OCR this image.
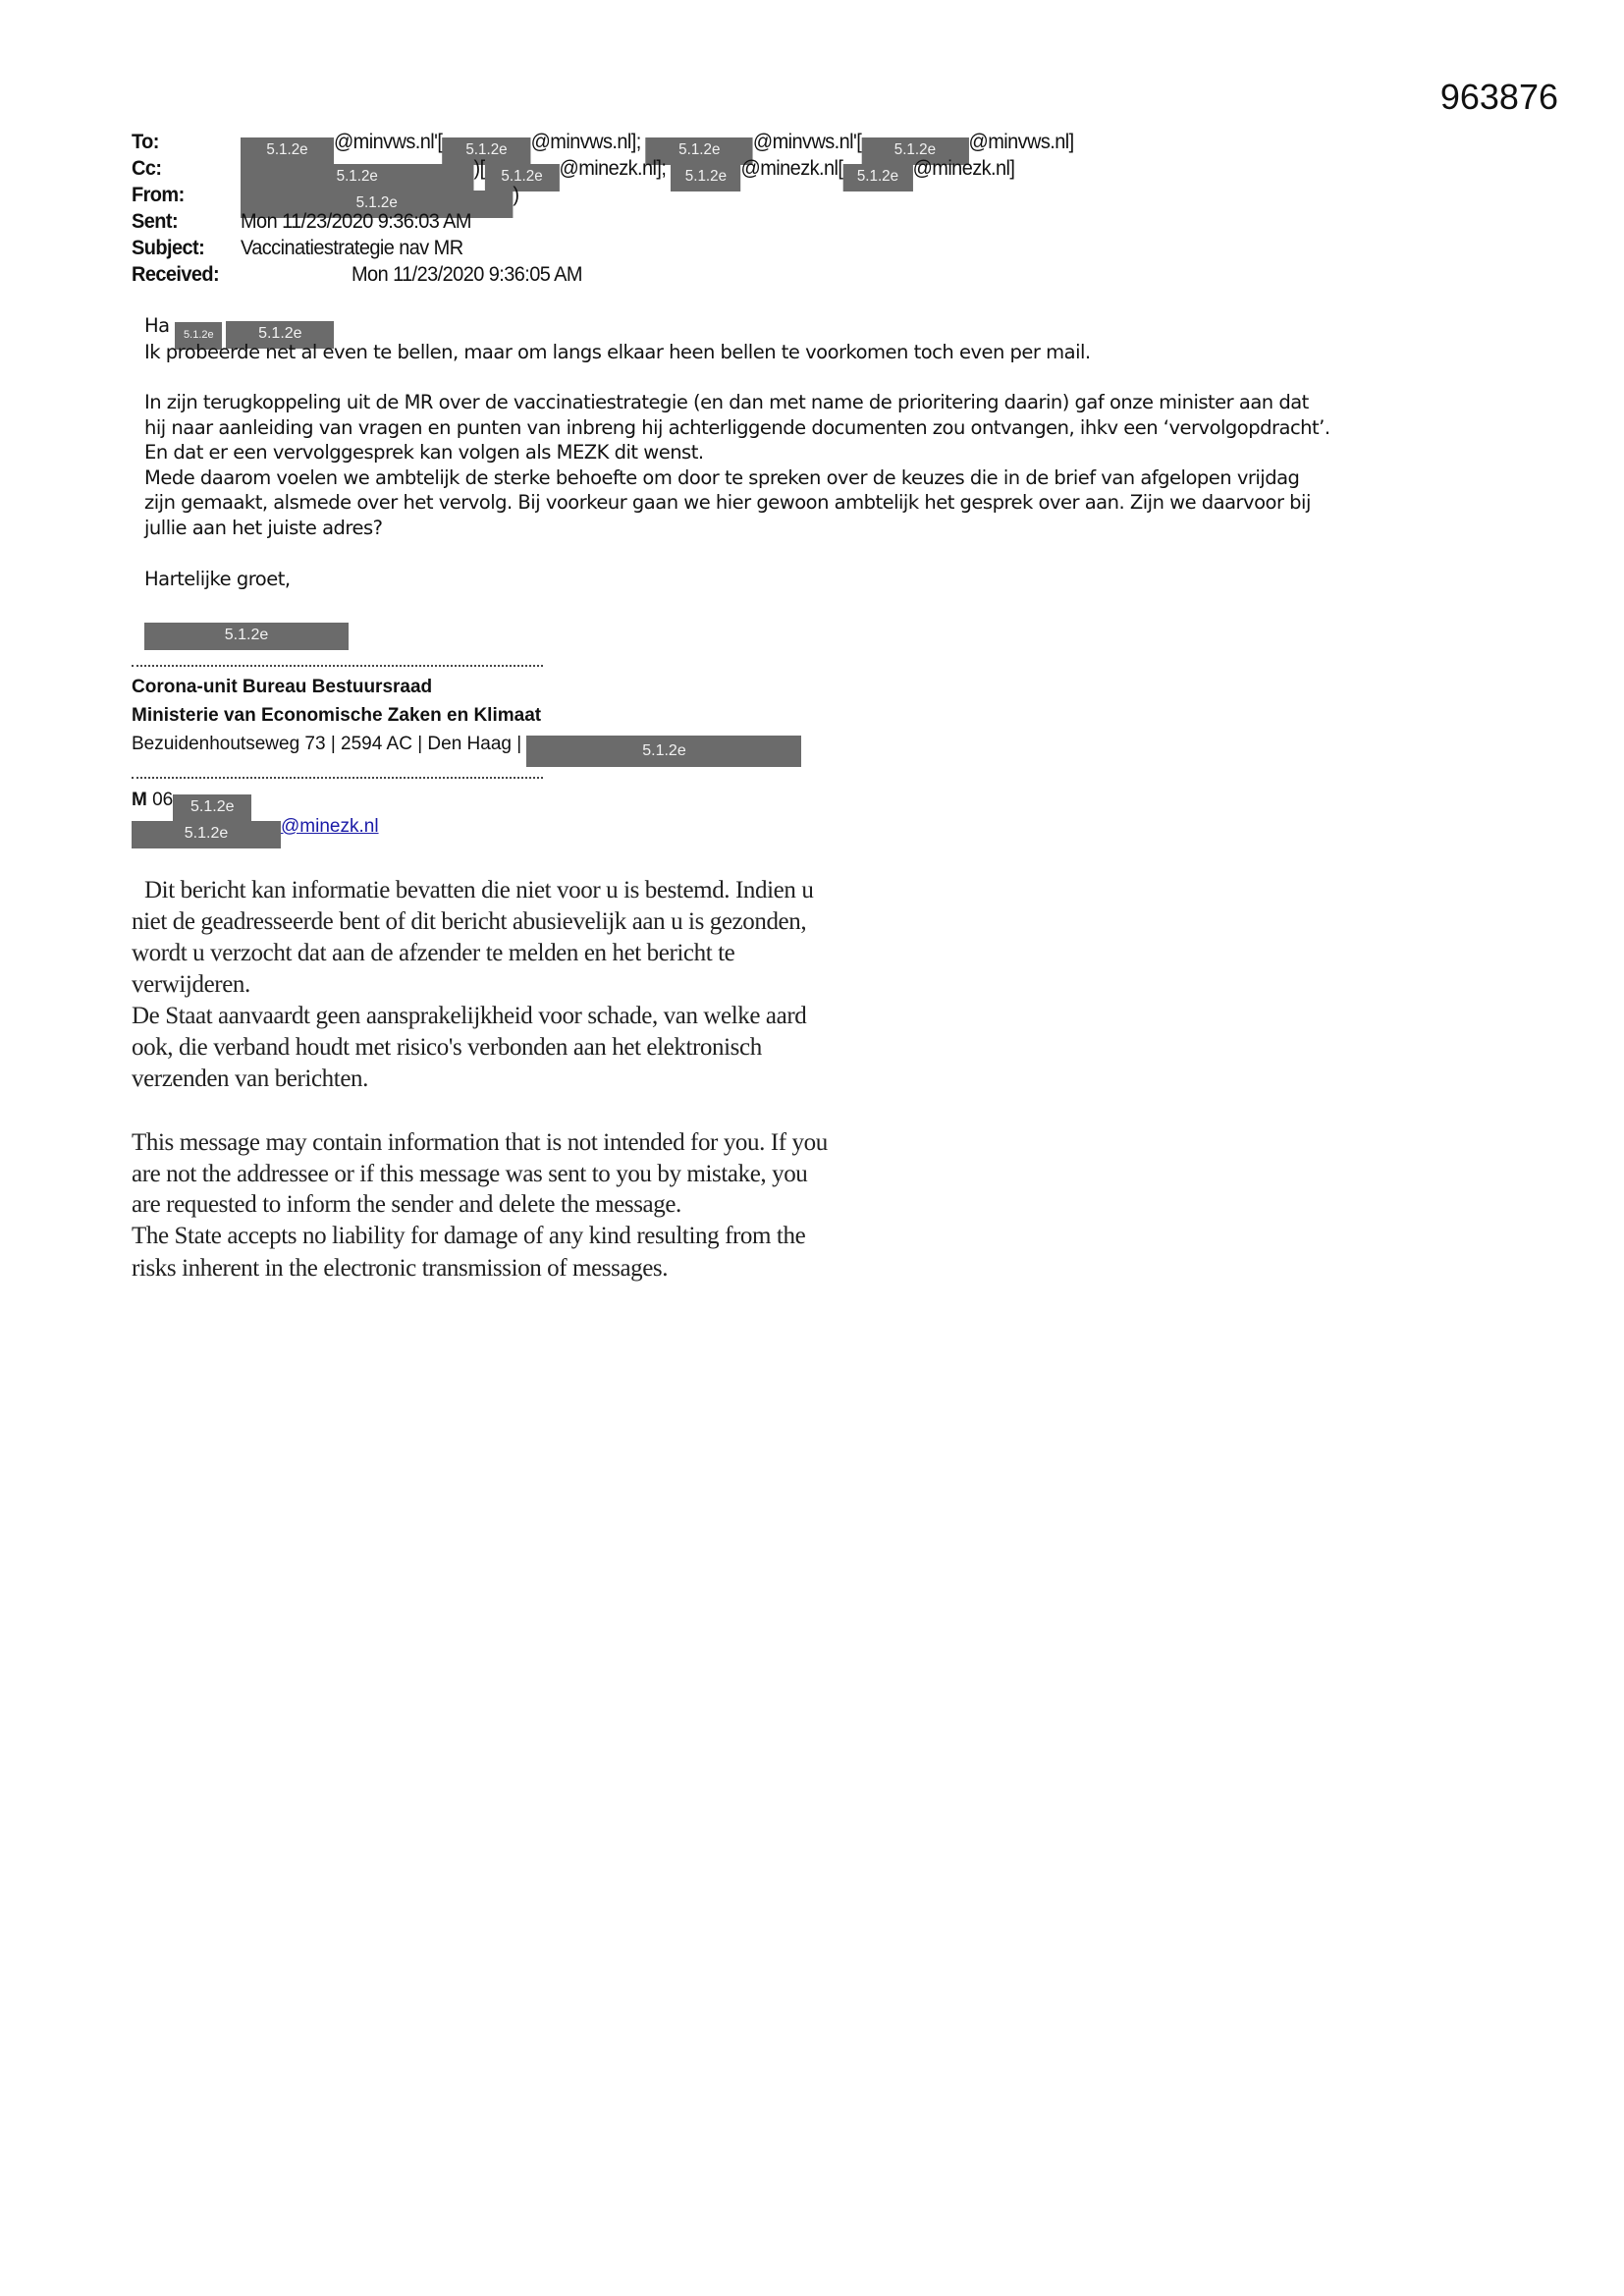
963876
To:	5.1.2e @minvws.nl'[ 5.1.2e @minvws.nl]; 5.1.2e @minvws.nl'[ 5.1.2e @minvws.nl]
Cc:	5.1.2e	)[ 5.1.2e @minezk.nl]; 5.1.2e @minezk.nl[ 5.1.2e @minezk.nl]
From:	5.1.2e	)
Sent:	Mon 11/23/2020 9:36:03 AM
Subject: Vaccinatiestrategie nav MR
Received:	Mon 11/23/2020 9:36:05 AM
Ha 5.1.2e	5.1.2e
Ik probeerde net al even te bellen, maar om langs elkaar heen bellen te voorkomen toch even per mail.
In zijn terugkoppeling uit de MR over de vaccinatiestrategie (en dan met name de prioritering daarin) gaf onze minister aan dat
hij naar aanleiding van vragen en punten van inbreng hij achterliggende documenten zou ontvangen, ihkv een ‘vervolgopdracht’.
En dat er een vervolggesprek kan volgen als MEZK dit wenst.
Mede daarom voelen we ambtelijk de sterke behoefte om door te spreken over de keuzes die in de brief van afgelopen vrijdag
zijn gemaakt, alsmede over het vervolg. Bij voorkeur gaan we hier gewoon ambtelijk het gesprek over aan. Zijn we daarvoor bij
jullie aan het juiste adres?
Hartelijke groet,
5.1.2e
Corona-unit Bureau Bestuursraad
Ministerie van Economische Zaken en Klimaat
Bezuidenhoutseweg 73 | 2594 AC | Den Haag |	5.1.2e
M 06 5.1.2e
5.1.2e	@minezk.nl
Dit bericht kan informatie bevatten die niet voor u is bestemd. Indien u
niet de geadresseerde bent of dit bericht abusievelijk aan u is gezonden,
wordt u verzocht dat aan de afzender te melden en het bericht te
verwijderen.
De Staat aanvaardt geen aansprakelijkheid voor schade, van welke aard
ook, die verband houdt met risico's verbonden aan het elektronisch
verzenden van berichten.
This message may contain information that is not intended for you. If you
are not the addressee or if this message was sent to you by mistake, you
are requested to inform the sender and delete the message.
The State accepts no liability for damage of any kind resulting from the
risks inherent in the electronic transmission of messages.
